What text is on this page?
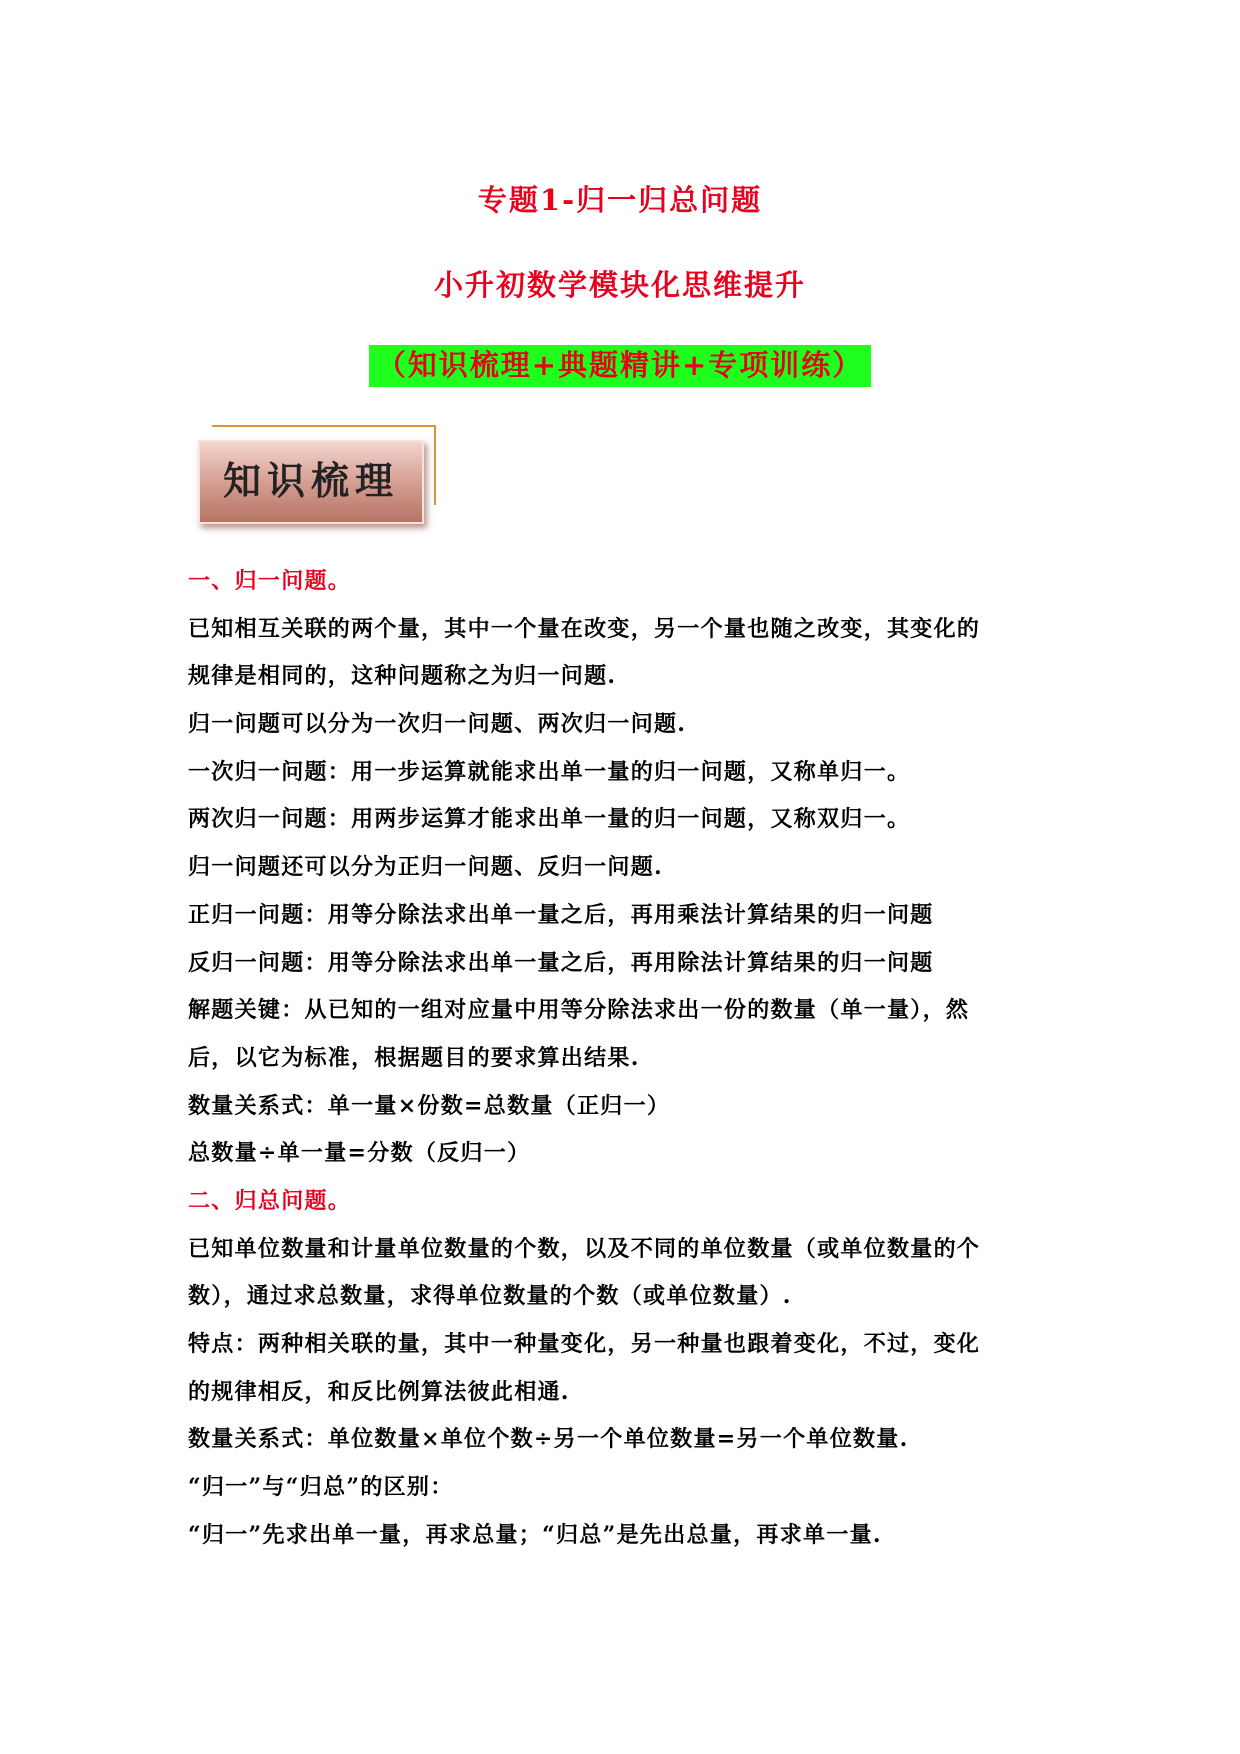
专题1-归一归总问题
小升初数学模块化思维提升
（知识梳理+典题精讲+专项训练）
知识梳理
一、归一问题。
已知相互关联的两个量，其中一个量在改变，另一个量也随之改变，其变化的
规律是相同的，这种问题称之为归一问题.
归一问题可以分为一次归一问题、两次归一问题.
一次归一问题：用一步运算就能求出单一量的归一问题，又称单归一。
两次归一问题：用两步运算才能求出单一量的归一问题，又称双归一。
归一问题还可以分为正归一问题、反归一问题.
正归一问题：用等分除法求出单一量之后，再用乘法计算结果的归一问题
反归一问题：用等分除法求出单一量之后，再用除法计算结果的归一问题
解题关键：从已知的一组对应量中用等分除法求出一份的数量（单一量），然
后，以它为标准，根据题目的要求算出结果.
数量关系式：单一量×份数=总数量（正归一）
总数量÷单一量=分数（反归一）
二、归总问题。
已知单位数量和计量单位数量的个数，以及不同的单位数量（或单位数量的个
数），通过求总数量，求得单位数量的个数（或单位数量）.
特点：两种相关联的量，其中一种量变化，另一种量也跟着变化，不过，变化
的规律相反，和反比例算法彼此相通.
数量关系式：单位数量×单位个数÷另一个单位数量=另一个单位数量.
“归一”与“归总”的区别：
“归一”先求出单一量，再求总量；“归总”是先出总量，再求单一量.
